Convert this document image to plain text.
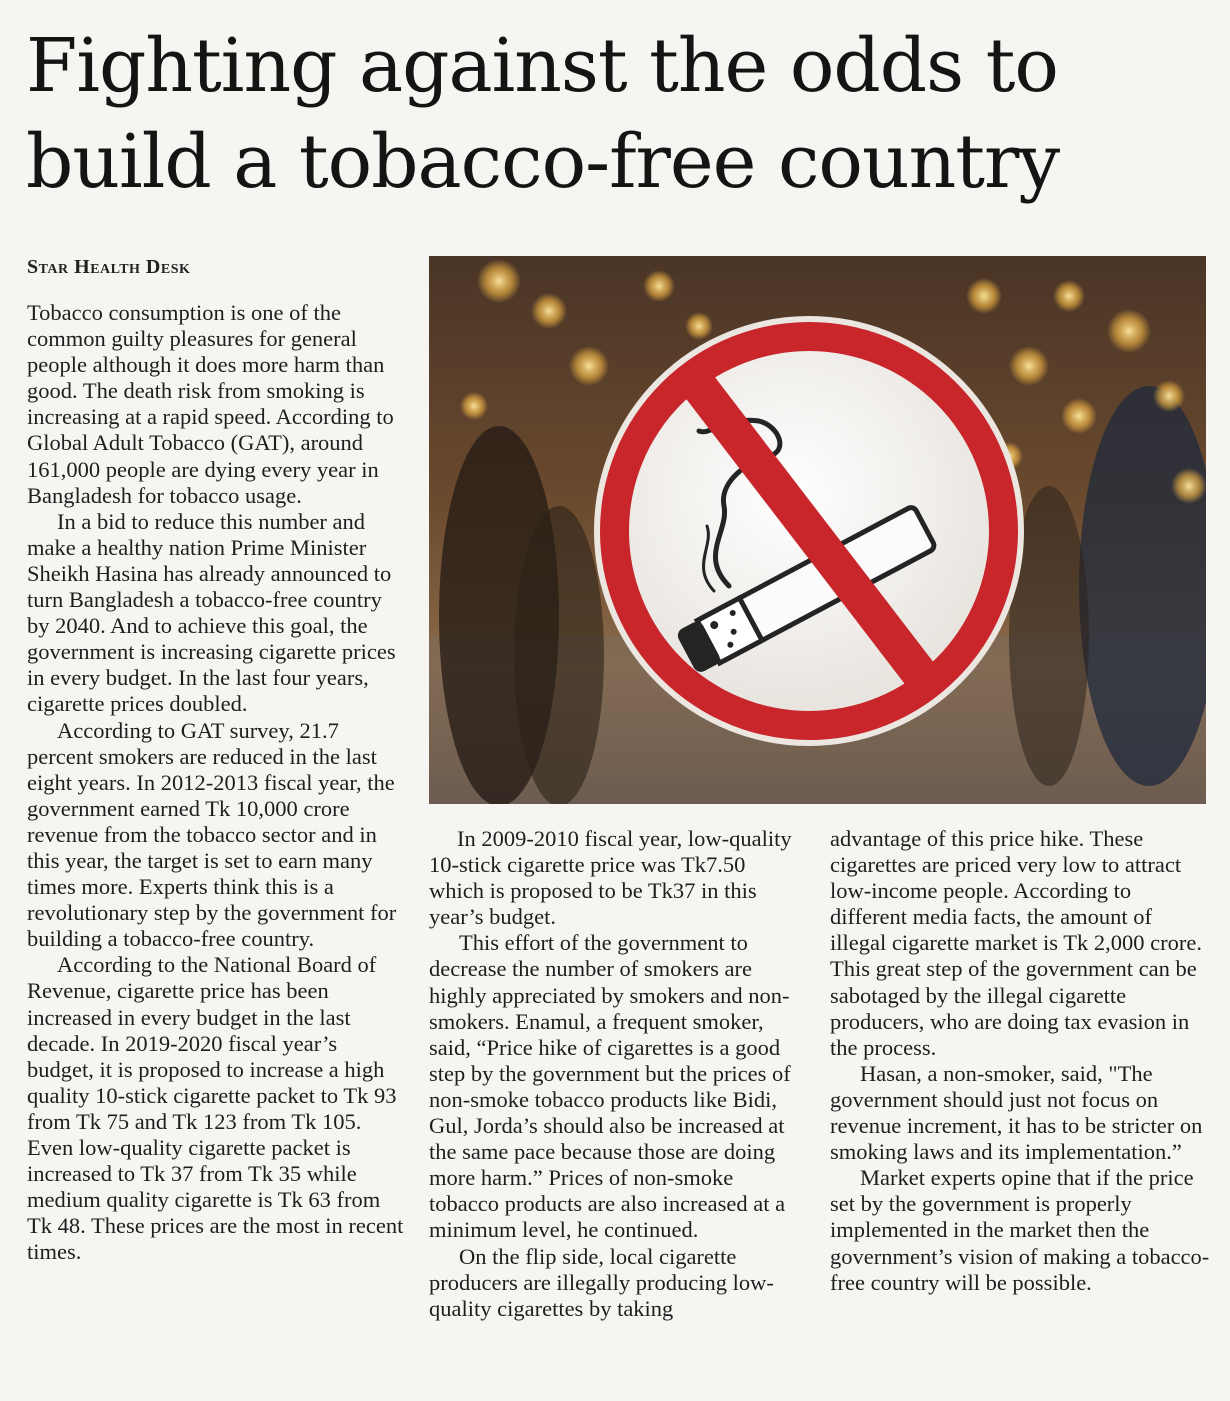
Fighting against the odds to
build a tobacco-free country
Star Health Desk

Tobacco consumption is one of the common guilty pleasures for general people although it does more harm than good. The death risk from smoking is increasing at a rapid speed. According to Global Adult Tobacco (GAT), around 161,000 people are dying every year in Bangladesh for tobacco usage.

In a bid to reduce this number and make a healthy nation Prime Minister Sheikh Hasina has already announced to turn Bangladesh a tobacco-free country by 2040. And to achieve this goal, the government is increasing cigarette prices in every budget. In the last four years, cigarette prices doubled.

According to GAT survey, 21.7 percent smokers are reduced in the last eight years. In 2012-2013 fiscal year, the government earned Tk 10,000 crore revenue from the tobacco sector and in this year, the target is set to earn many times more. Experts think this is a revolutionary step by the government for building a tobacco-free country.

According to the National Board of Revenue, cigarette price has been increased in every budget in the last decade. In 2019-2020 fiscal year’s budget, it is proposed to increase a high quality 10-stick cigarette packet to Tk 93 from Tk 75 and Tk 123 from Tk 105. Even low-quality cigarette packet is increased to Tk 37 from Tk 35 while medium quality cigarette is Tk 63 from Tk 48. These prices are the most in recent times.

In 2009-2010 fiscal year, low-quality 10-stick cigarette price was Tk7.50 which is proposed to be Tk37 in this year’s budget.

This effort of the government to decrease the number of smokers are highly appreciated by smokers and non-smokers. Enamul, a frequent smoker, said, “Price hike of cigarettes is a good step by the government but the prices of non-smoke tobacco products like Bidi, Gul, Jorda’s should also be increased at the same pace because those are doing more harm.” Prices of non-smoke tobacco products are also increased at a minimum level, he continued.

On the flip side, local cigarette producers are illegally producing low-quality cigarettes by taking

advantage of this price hike. These cigarettes are priced very low to attract low-income people. According to different media facts, the amount of illegal cigarette market is Tk 2,000 crore. This great step of the government can be sabotaged by the illegal cigarette producers, who are doing tax evasion in the process.

Hasan, a non-smoker, said, "The government should just not focus on revenue increment, it has to be stricter on smoking laws and its implementation.”

Market experts opine that if the price set by the government is properly implemented in the market then the government’s vision of making a tobacco-free country will be possible.
